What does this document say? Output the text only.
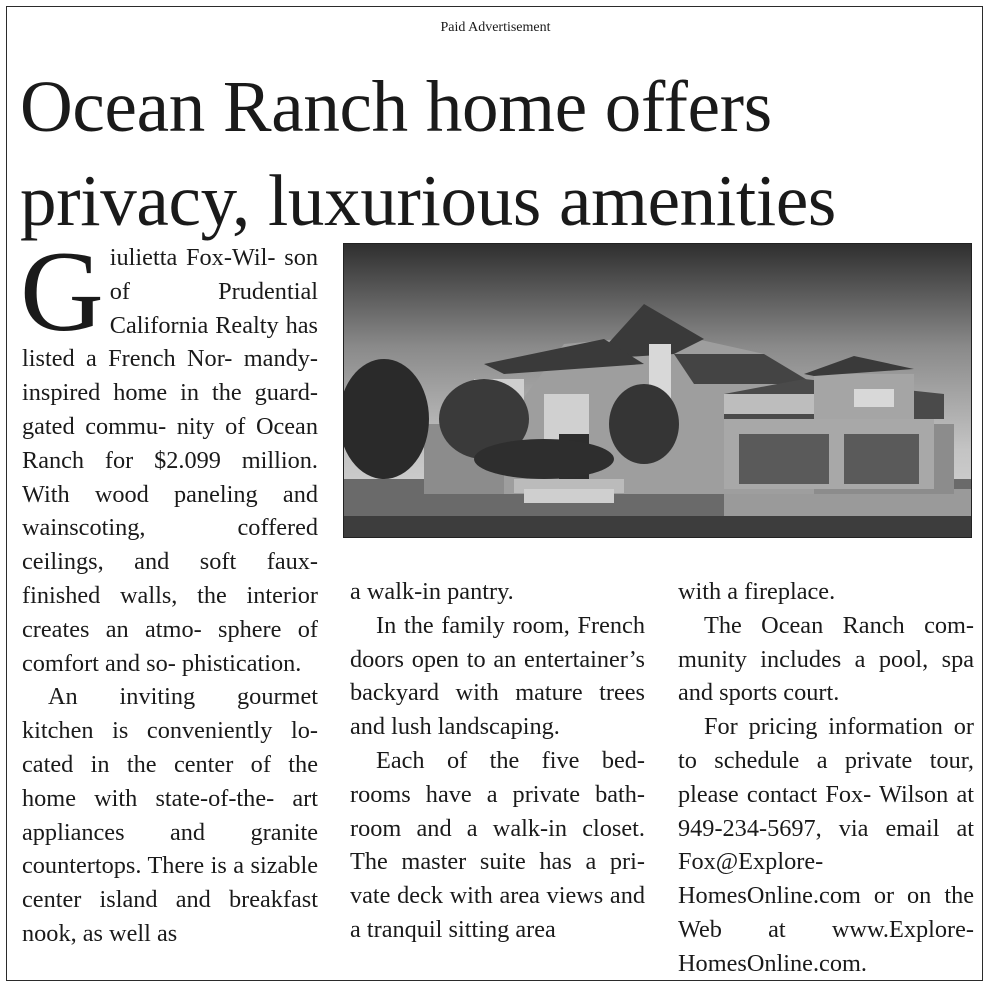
Paid Advertisement
Ocean Ranch home offers
privacy, luxurious amenities

G iulietta Fox-Wil- son of Prudential California Realty has listed a French Nor- mandy-inspired home in the guard-gated commu- nity of Ocean Ranch for $2.099 million. With wood paneling and wainscoting,	coffered ceilings, and soft faux-finished walls, the interior creates an atmo- sphere of comfort and so- phistication.

An inviting gourmet kitchen is conveniently lo- cated in the center of the home with state-of-the- art appliances and granite countertops. There is a sizable center island and breakfast nook, as well as

a walk-in pantry.

In the family room, French doors open to an entertainer’s backyard with mature trees and lush landscaping.

Each of the five bed- rooms have a private bath- room and a walk-in closet. The master suite has a pri- vate deck with area views and a tranquil sitting area

with a fireplace.

The Ocean Ranch com- munity includes a pool, spa and sports court.

For pricing information or to schedule a private tour, please contact Fox- Wilson at 949-234-5697, via email at Fox@Explore- HomesOnline.com or on the Web at www.Explore- HomesOnline.com.
